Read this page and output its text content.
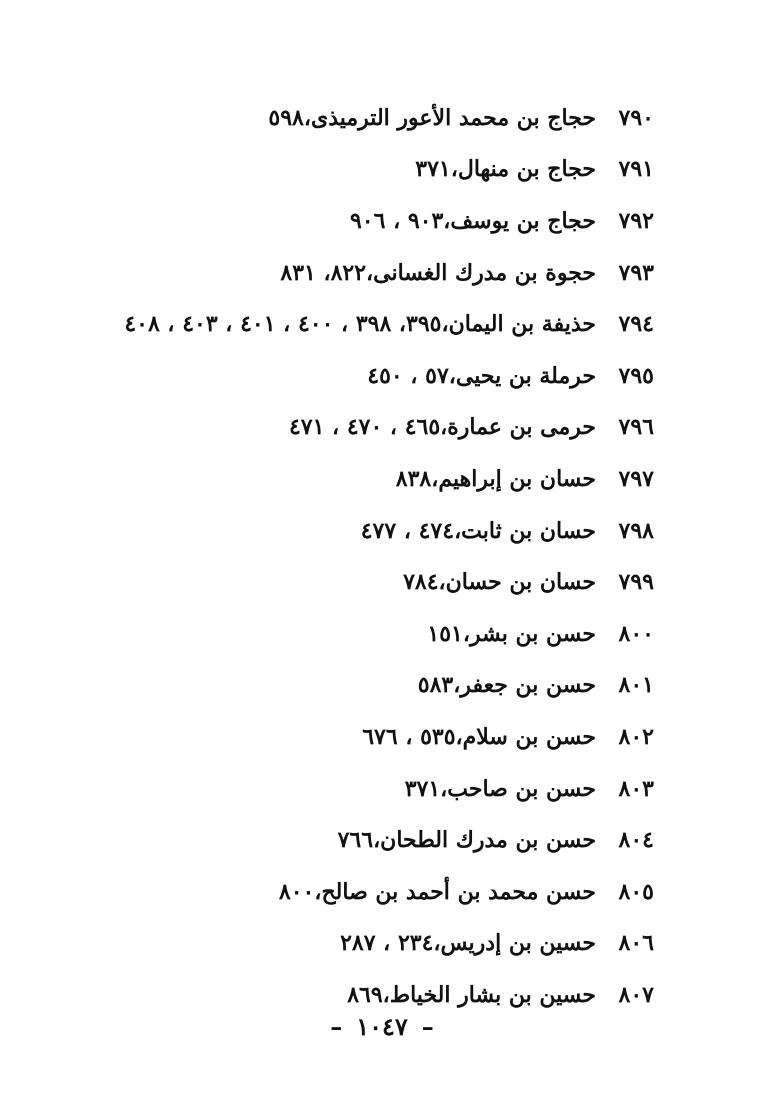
٧٩٠
حجاج بن محمد الأعور الترميذى،٥٩٨
٧٩١
حجاج بن منهال،٣٧١
٧٩٢
حجاج بن يوسف،٩٠٣ ، ٩٠٦
٧٩٣
حجوة بن مدرك الغسانى،٨٢٢، ٨٣١
٧٩٤
حذيفة بن اليمان،٣٩٥، ٣٩٨ ، ٤٠٠ ، ٤٠١ ، ٤٠٣ ، ٤٠٨
٧٩٥
حرملة بن يحيى،٥٧ ، ٤٥٠
٧٩٦
حرمى بن عمارة،٤٦٥ ، ٤٧٠ ، ٤٧١
٧٩٧
حسان بن إبراهيم،٨٣٨
٧٩٨
حسان بن ثابت،٤٧٤ ، ٤٧٧
٧٩٩
حسان بن حسان،٧٨٤
٨٠٠
حسن بن بشر،١٥١
٨٠١
حسن بن جعفر،٥٨٣
٨٠٢
حسن بن سلام،٥٣٥ ، ٦٧٦
٨٠٣
حسن بن صاحب،٣٧١
٨٠٤
حسن بن مدرك الطحان،٧٦٦
٨٠٥
حسن محمد بن أحمد بن صالح،٨٠٠
٨٠٦
حسين بن إدريس،٢٣٤ ، ٢٨٧
٨٠٧
حسين بن بشار الخياط،٨٦٩
–١٠٤٧–
